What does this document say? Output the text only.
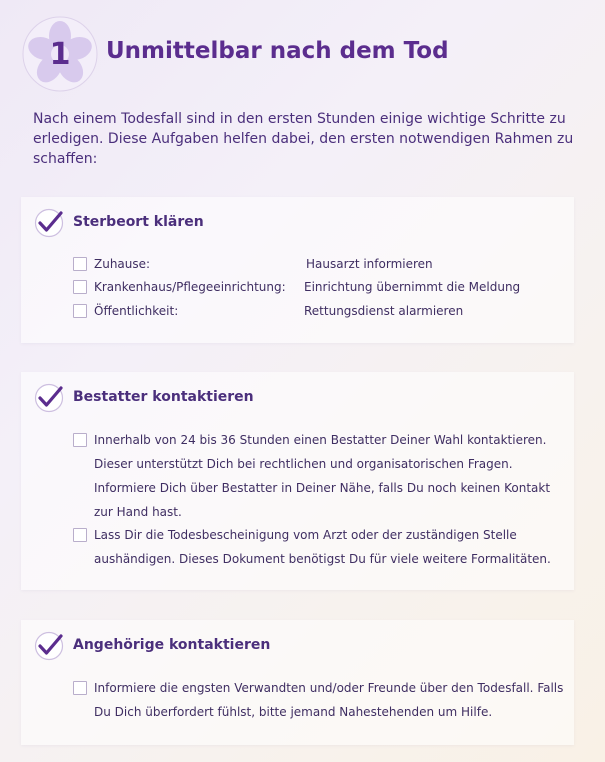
1	Unmittelbar nach dem Tod
Nach einem Todesfall sind in den ersten Stunden einige wichtige Schritte zu erledigen. Diese Aufgaben helfen dabei, den ersten notwendigen Rahmen zu schaffen:
Sterbeort klären
Zuhause:	Hausarzt informieren
Krankenhaus/Pflegeeinrichtung: Einrichtung übernimmt die Meldung
Öffentlichkeit:	Rettungsdienst alarmieren
Bestatter kontaktieren
Innerhalb von 24 bis 36 Stunden einen Bestatter Deiner Wahl kontaktieren. Dieser unterstützt Dich bei rechtlichen und organisatorischen Fragen. Informiere Dich über Bestatter in Deiner Nähe, falls Du noch keinen Kontakt zur Hand hast.
Lass Dir die Todesbescheinigung vom Arzt oder der zuständigen Stelle aushändigen. Dieses Dokument benötigst Du für viele weitere Formalitäten.
Angehörige kontaktieren
Informiere die engsten Verwandten und/oder Freunde über den Todesfall. Falls Du Dich überfordert fühlst, bitte jemand Nahestehenden um Hilfe.
